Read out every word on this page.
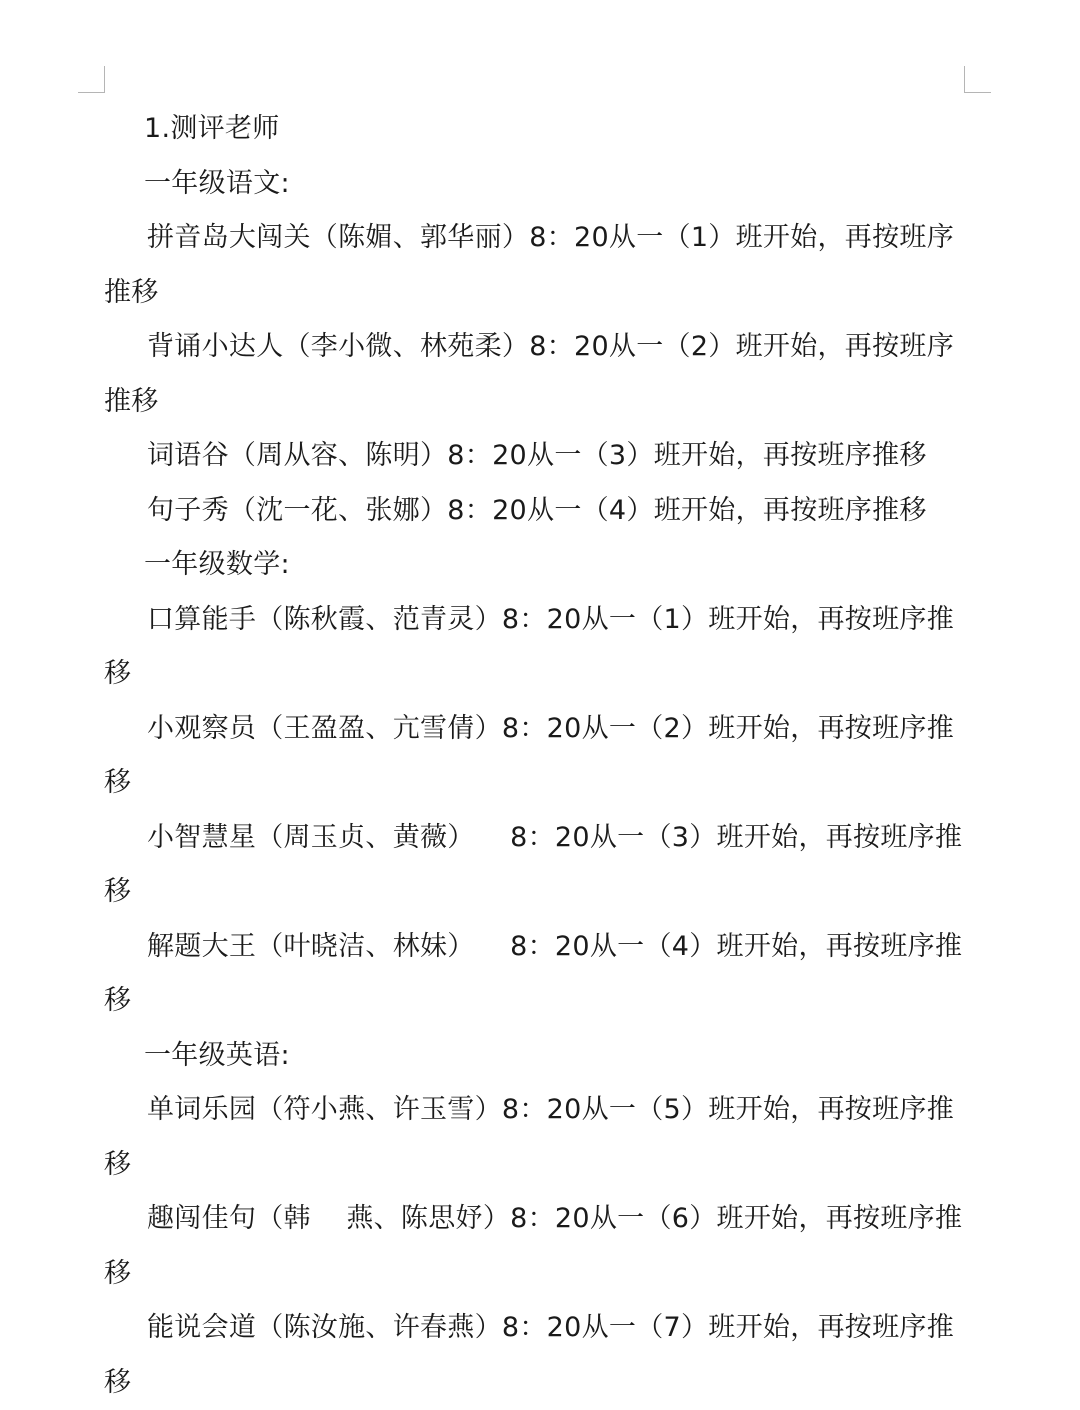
1.测评老师

一年级语文:

拼音岛大闯关（陈媚、郭华丽）8：20从一（1）班开始，再按班序推移

背诵小达人（李小微、林苑柔）8：20从一（2）班开始，再按班序推移

词语谷（周从容、陈明）8：20从一（3）班开始，再按班序推移

句子秀（沈一花、张娜）8：20从一（4）班开始，再按班序推移

一年级数学:

口算能手（陈秋霞、范青灵）8：20从一（1）班开始，再按班序推移

小观察员（王盈盈、亢雪倩）8：20从一（2）班开始，再按班序推移

小智慧星（周玉贞、黄薇）    8：20从一（3）班开始，再按班序推移

解题大王（叶晓洁、林妹）    8：20从一（4）班开始，再按班序推移

一年级英语:

单词乐园（符小燕、许玉雪）8：20从一（5）班开始，再按班序推移

趣闯佳句（韩    燕、陈思妤）8：20从一（6）班开始，再按班序推移

能说会道（陈汝施、许春燕）8：20从一（7）班开始，再按班序推移
